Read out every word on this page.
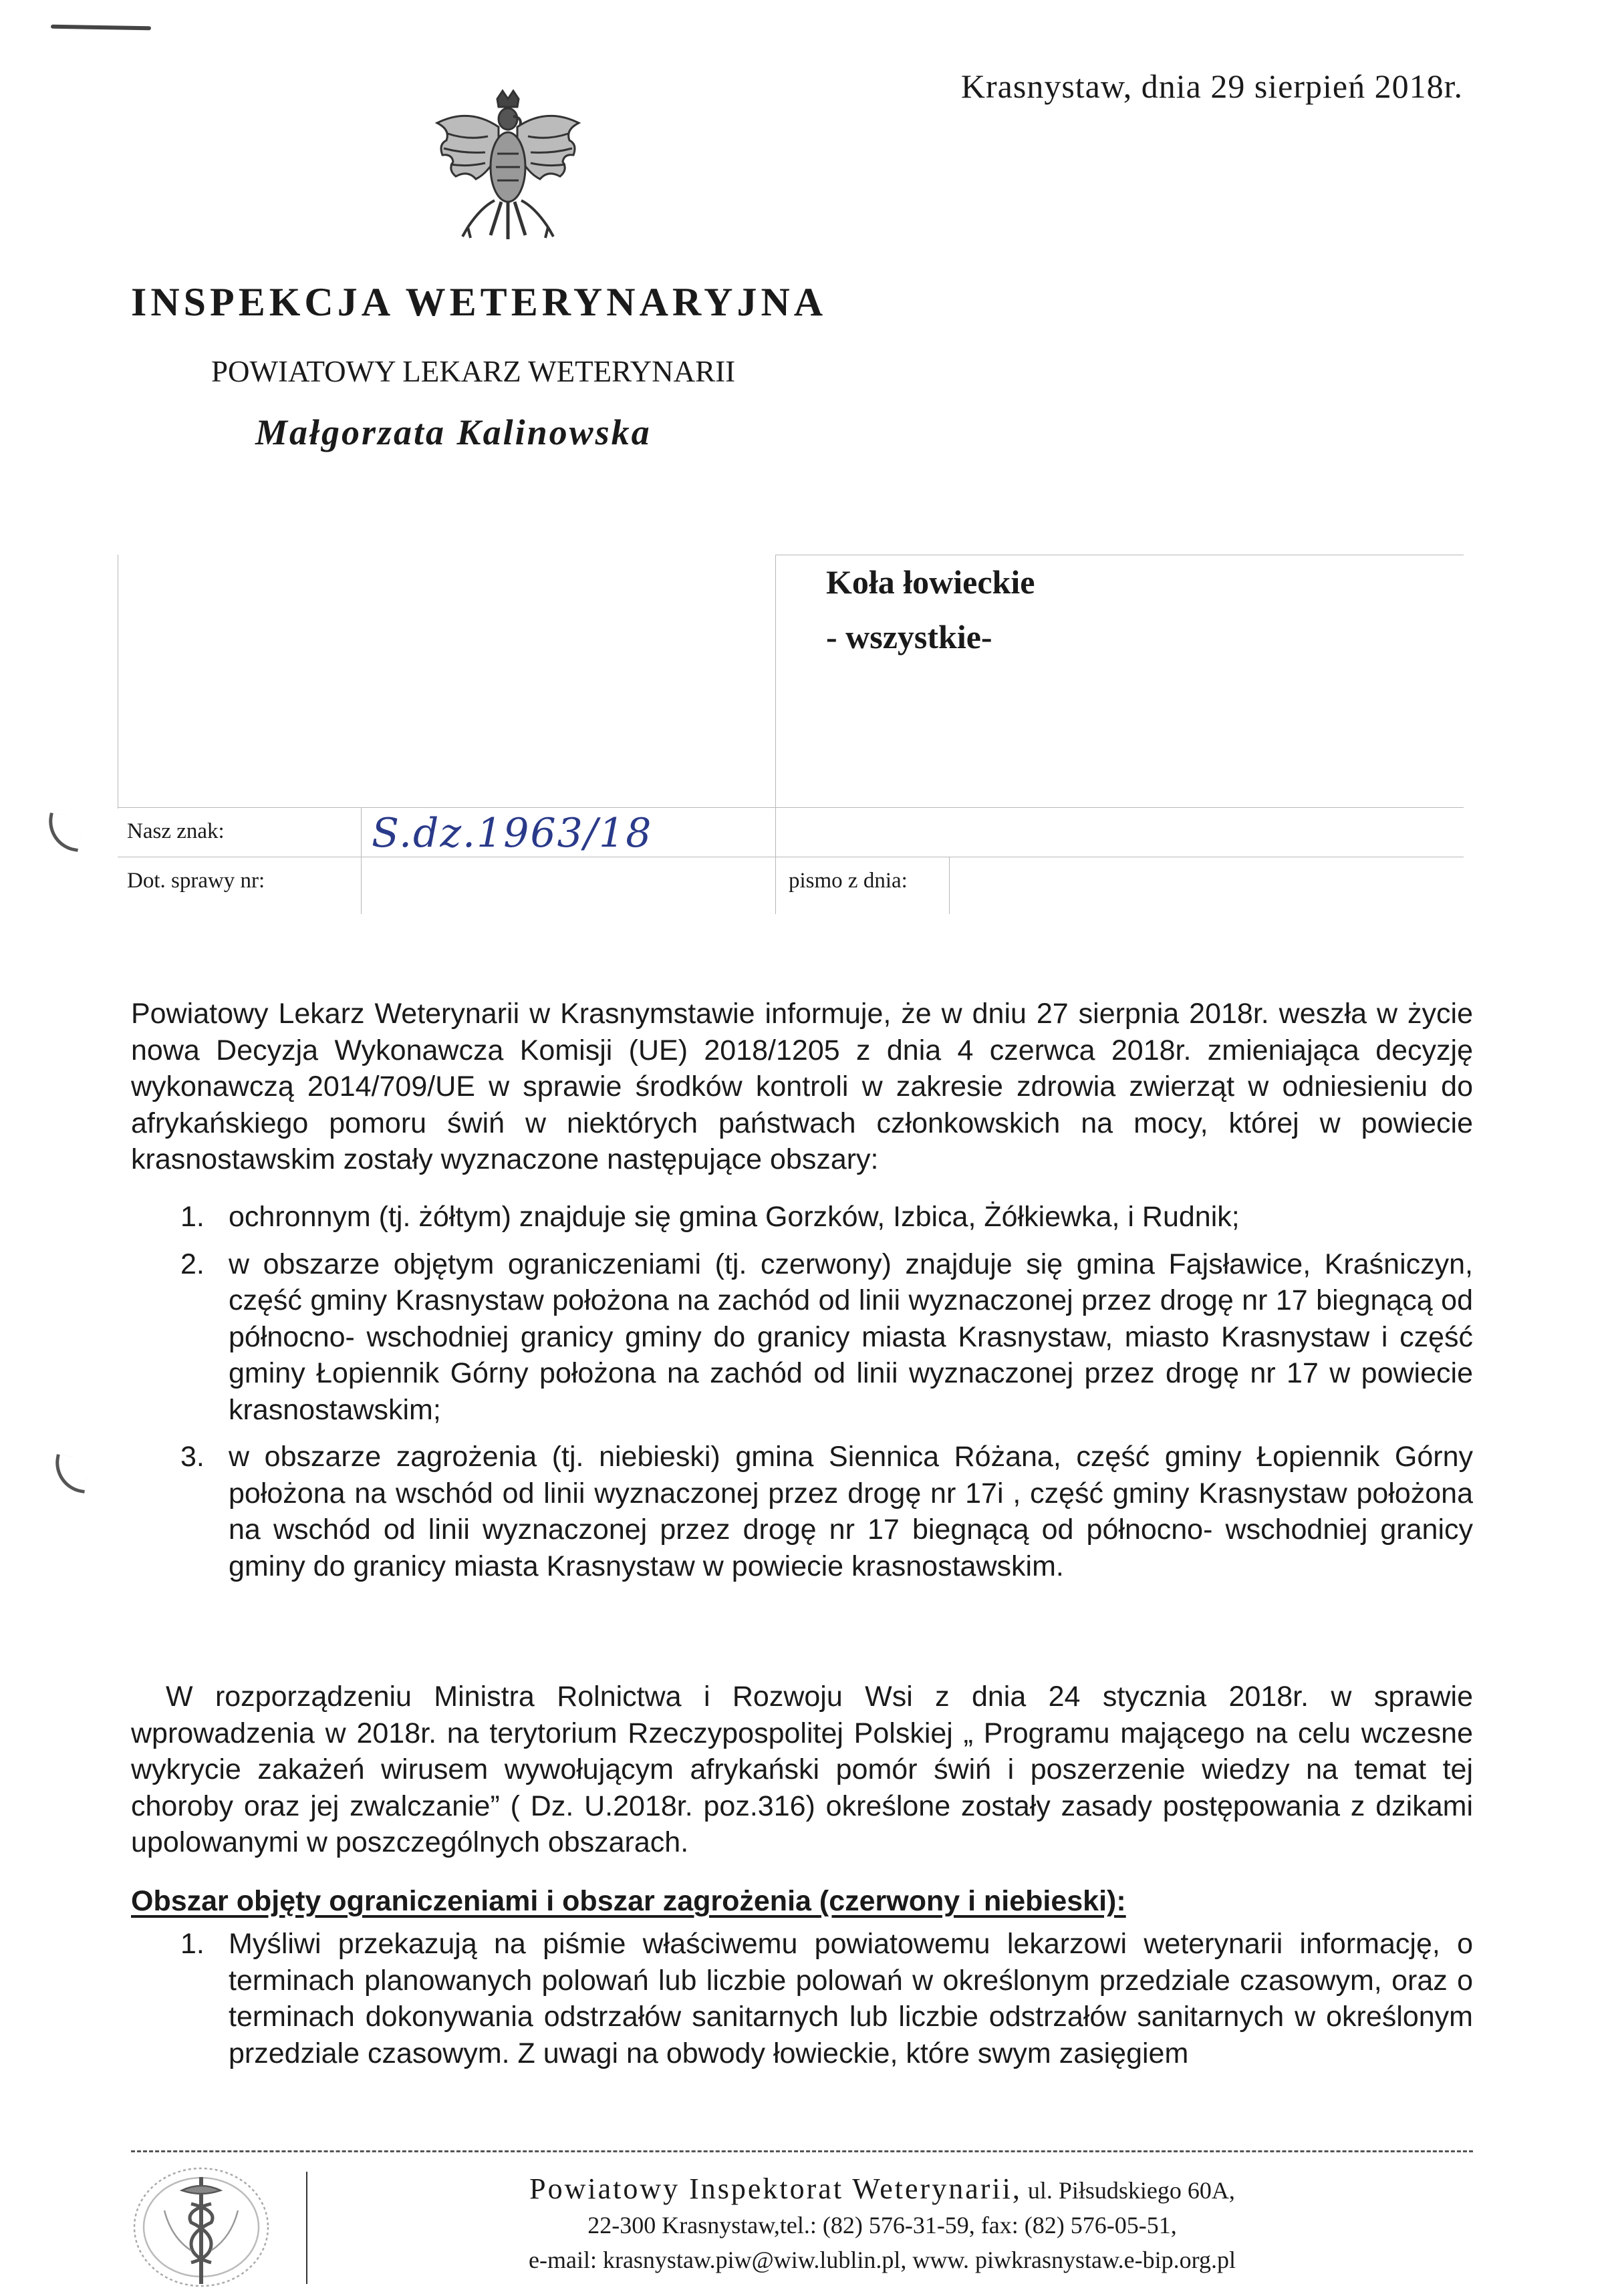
Krasnystaw, dnia 29 sierpień 2018r.
INSPEKCJA WETERYNARYJNA
POWIATOWY LEKARZ WETERYNARII
Małgorzata Kalinowska
Koła łowieckie
- wszystkie-
Nasz znak:	S.dz.1963/18
Dot. sprawy nr:	pismo z dnia:

Powiatowy Lekarz Weterynarii w Krasnymstawie informuje, że w dniu 27 sierpnia 2018r. weszła w życie nowa Decyzja Wykonawcza Komisji (UE) 2018/1205 z dnia 4 czerwca 2018r. zmieniająca decyzję wykonawczą 2014/709/UE w sprawie środków kontroli w zakresie zdrowia zwierząt w odniesieniu do afrykańskiego pomoru świń w niektórych państwach członkowskich na mocy, której w powiecie krasnostawskim zostały wyznaczone następujące obszary:

1. ochronnym (tj. żółtym) znajduje się gmina Gorzków, Izbica, Żółkiewka, i Rudnik;
2. w obszarze objętym ograniczeniami (tj. czerwony) znajduje się gmina Fajsławice, Kraśniczyn, część gminy Krasnystaw położona na zachód od linii wyznaczonej przez drogę nr 17 biegnącą od północno- wschodniej granicy gminy do granicy miasta Krasnystaw, miasto Krasnystaw i część gminy Łopiennik Górny położona na zachód od linii wyznaczonej przez drogę nr 17 w powiecie krasnostawskim;
3. w obszarze zagrożenia (tj. niebieski) gmina Siennica Różana, część gminy Łopiennik Górny położona na wschód od linii wyznaczonej przez drogę nr 17i , część gminy Krasnystaw położona na wschód od linii wyznaczonej przez drogę nr 17 biegnącą od północno- wschodniej granicy gminy do granicy miasta Krasnystaw w powiecie krasnostawskim.

W rozporządzeniu Ministra Rolnictwa i Rozwoju Wsi z dnia 24 stycznia 2018r. w sprawie wprowadzenia w 2018r. na terytorium Rzeczypospolitej Polskiej „ Programu mającego na celu wczesne wykrycie zakażeń wirusem wywołującym afrykański pomór świń i poszerzenie wiedzy na temat tej choroby oraz jej zwalczanie” ( Dz. U.2018r. poz.316) określone zostały zasady postępowania z dzikami upolowanymi w poszczególnych obszarach.

Obszar objęty ograniczeniami i obszar zagrożenia (czerwony i niebieski):
1. Myśliwi przekazują na piśmie właściwemu powiatowemu lekarzowi weterynarii informację, o terminach planowanych polowań lub liczbie polowań w określonym przedziale czasowym, oraz o terminach dokonywania odstrzałów sanitarnych lub liczbie odstrzałów sanitarnych w określonym przedziale czasowym. Z uwagi na obwody łowieckie, które swym zasięgiem
Powiatowy Inspektorat Weterynarii, ul. Piłsudskiego 60A,
22-300 Krasnystaw,tel.: (82) 576-31-59, fax: (82) 576-05-51,
e-mail: krasnystaw.piw@wiw.lublin.pl, www. piwkrasnystaw.e-bip.org.pl
